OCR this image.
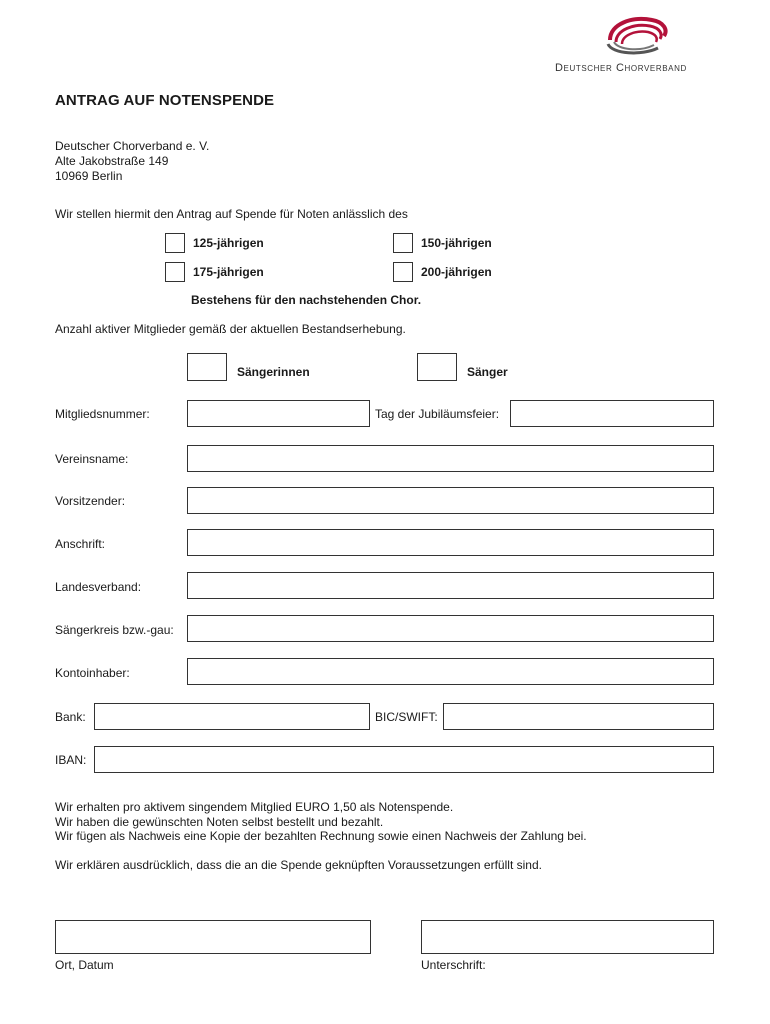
Deutscher Chorverband
ANTRAG AUF NOTENSPENDE
Deutscher Chorverband e. V.
Alte Jakobstraße 149
10969 Berlin
Wir stellen hiermit den Antrag auf Spende für Noten anlässlich des
125-jährigen	150-jährigen
175-jährigen	200-jährigen
Bestehens für den nachstehenden Chor.
Anzahl aktiver Mitglieder gemäß der aktuellen Bestandserhebung.
Sängerinnen	Sänger
Mitgliedsnummer:	Tag der Jubiläumsfeier:
Vereinsname:
Vorsitzender:
Anschrift:
Landesverband:
Sängerkreis bzw.-gau:
Kontoinhaber:
Bank:	BIC/SWIFT:
IBAN:
Wir erhalten pro aktivem singendem Mitglied EURO 1,50 als Notenspende.
Wir haben die gewünschten Noten selbst bestellt und bezahlt.
Wir fügen als Nachweis eine Kopie der bezahlten Rechnung sowie einen Nachweis der Zahlung bei.
Wir erklären ausdrücklich, dass die an die Spende geknüpften Voraussetzungen erfüllt sind.
Ort, Datum	Unterschrift:
